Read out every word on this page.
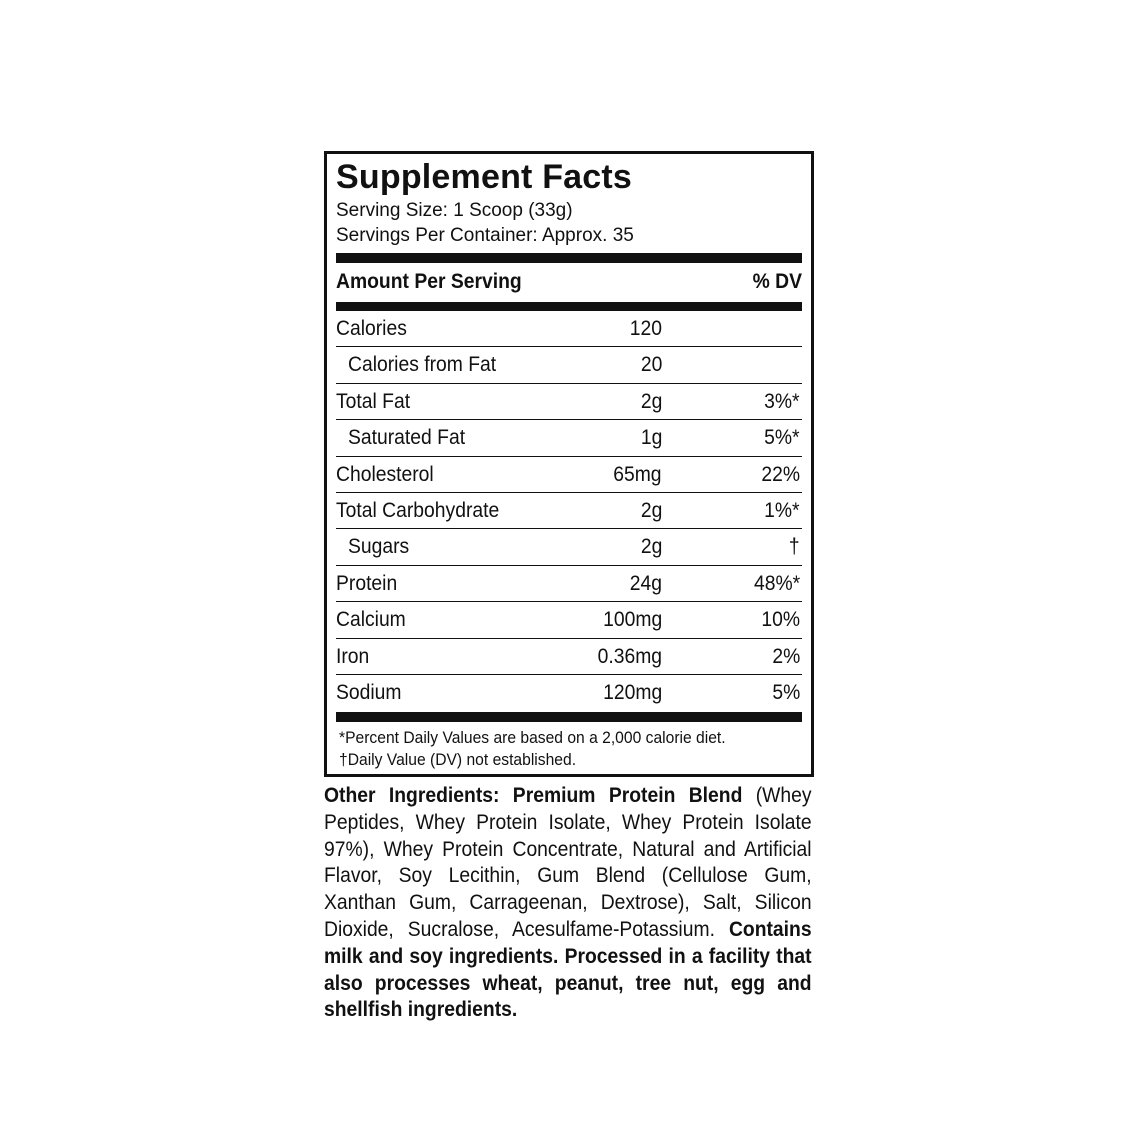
Supplement Facts
Serving Size: 1 Scoop (33g)
Servings Per Container: Approx. 35
Amount Per Serving	% DV
Calories	120
Calories from Fat	20
Total Fat	2g	3%*
Saturated Fat	1g	5%*
Cholesterol	65mg	22%
Total Carbohydrate	2g	1%*
Sugars	2g	†
Protein	24g	48%*
Calcium	100mg	10%
Iron	0.36mg	2%
Sodium	120mg	5%
*Percent Daily Values are based on a 2,000 calorie diet.
†Daily Value (DV) not established.
Other Ingredients: Premium Protein Blend (Whey Peptides, Whey Protein Isolate, Whey Protein Isolate 97%), Whey Protein Concentrate, Natural and Artificial Flavor, Soy Lecithin, Gum Blend (Cellulose Gum, Xanthan Gum, Carrageenan, Dextrose), Salt, Silicon Dioxide, Sucralose, Acesulfame-Potassium. Contains milk and soy ingredients. Processed in a facility that also processes wheat, peanut, tree nut, egg and shellfish ingredients.
